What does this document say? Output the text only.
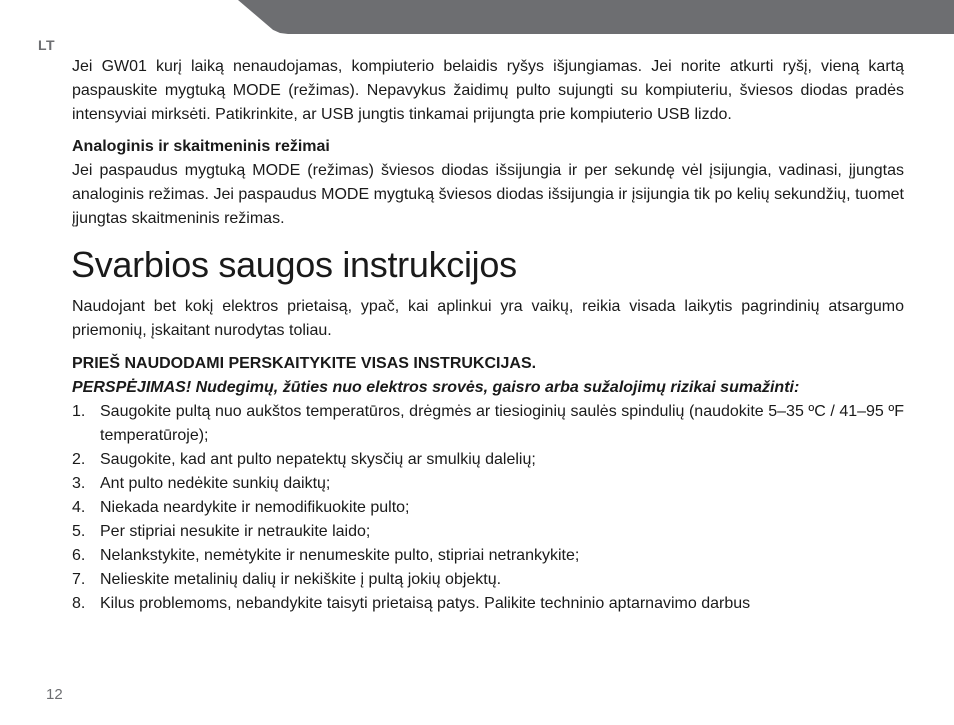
LT

Jei GW01 kurį laiką nenaudojamas, kompiuterio belaidis ryšys išjungiamas. Jei norite atkurti ryšį, vieną kartą paspauskite mygtuką MODE (režimas). Nepavykus žaidimų pulto sujungti su kompiuteriu, šviesos diodas pradės intensyviai mirksėti. Patikrinkite, ar USB jungtis tinkamai prijungta prie kompiuterio USB lizdo.

Analoginis ir skaitmeninis režimai

Jei paspaudus mygtuką MODE (režimas) šviesos diodas išsijungia ir per sekundę vėl įsijungia, vadinasi, įjungtas analoginis režimas. Jei paspaudus MODE mygtuką šviesos diodas išsijungia ir įsijungia tik po kelių sekundžių, tuomet įjungtas skaitmeninis režimas.

Svarbios saugos instrukcijos

Naudojant bet kokį elektros prietaisą, ypač, kai aplinkui yra vaikų, reikia visada laikytis pagrindinių atsargumo priemonių, įskaitant nurodytas toliau.

PRIEŠ NAUDODAMI PERSKAITYKITE VISAS INSTRUKCIJAS.

PERSPĖJIMAS! Nudegimų, žūties nuo elektros srovės, gaisro arba sužalojimų rizikai sumažinti:

1. Saugokite pultą nuo aukštos temperatūros, drėgmės ar tiesioginių saulės spindulių (naudokite 5–35 ºC / 41–95 ºF temperatūroje);
2. Saugokite, kad ant pulto nepatektų skysčių ar smulkių dalelių;
3. Ant pulto nedėkite sunkių daiktų;
4. Niekada neardykite ir nemodifikuokite pulto;
5. Per stipriai nesukite ir netraukite laido;
6. Nelankstykite, nemėtykite ir nenumeskite pulto, stipriai netrankykite;
7. Nelieskite metalinių dalių ir nekiškite į pultą jokių objektų.
8. Kilus problemoms, nebandykite taisyti prietaisą patys. Palikite techninio aptarnavimo darbus
12
